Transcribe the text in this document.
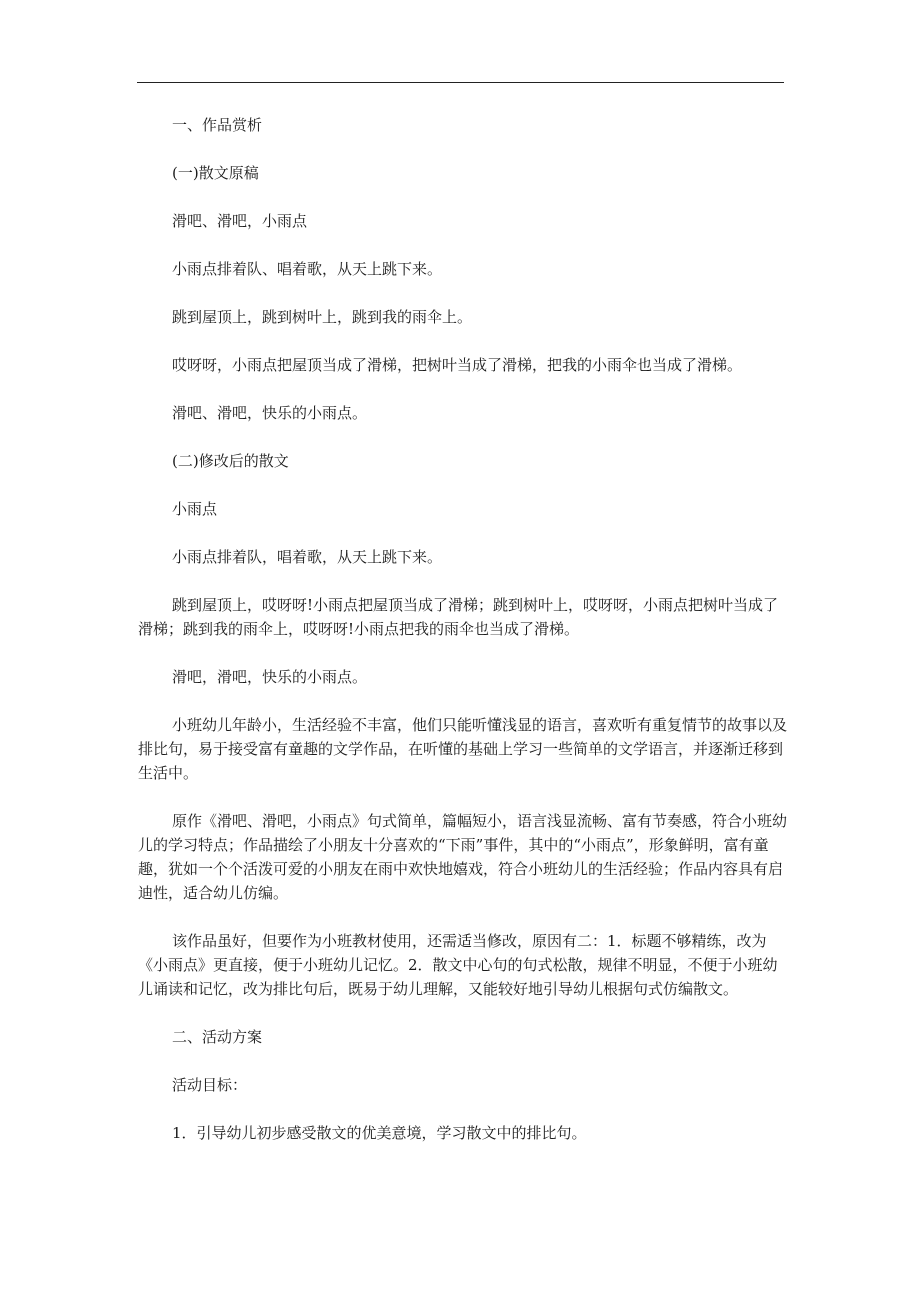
一、作品赏析

(一)散文原稿

滑吧、滑吧，小雨点

小雨点排着队、唱着歌，从天上跳下来。

跳到屋顶上，跳到树叶上，跳到我的雨伞上。

哎呀呀，小雨点把屋顶当成了滑梯，把树叶当成了滑梯，把我的小雨伞也当成了滑梯。

滑吧、滑吧，快乐的小雨点。

(二)修改后的散文

小雨点

小雨点排着队，唱着歌，从天上跳下来。

跳到屋顶上，哎呀呀!小雨点把屋顶当成了滑梯；跳到树叶上，哎呀呀，小雨点把树叶当成了滑梯；跳到我的雨伞上，哎呀呀!小雨点把我的雨伞也当成了滑梯。

滑吧，滑吧，快乐的小雨点。

小班幼儿年龄小，生活经验不丰富，他们只能听懂浅显的语言，喜欢听有重复情节的故事以及排比句，易于接受富有童趣的文学作品，在听懂的基础上学习一些简单的文学语言，并逐渐迁移到生活中。

原作《滑吧、滑吧，小雨点》句式简单，篇幅短小，语言浅显流畅、富有节奏感，符合小班幼儿的学习特点；作品描绘了小朋友十分喜欢的“下雨”事件，其中的“小雨点”，形象鲜明，富有童趣，犹如一个个活泼可爱的小朋友在雨中欢快地嬉戏，符合小班幼儿的生活经验；作品内容具有启迪性，适合幼儿仿编。

该作品虽好，但要作为小班教材使用，还需适当修改，原因有二：1．标题不够精练，改为《小雨点》更直接，便于小班幼儿记忆。2．散文中心句的句式松散，规律不明显，不便于小班幼儿诵读和记忆，改为排比句后，既易于幼儿理解，又能较好地引导幼儿根据句式仿编散文。

二、活动方案

活动目标：

1．引导幼儿初步感受散文的优美意境，学习散文中的排比句。
